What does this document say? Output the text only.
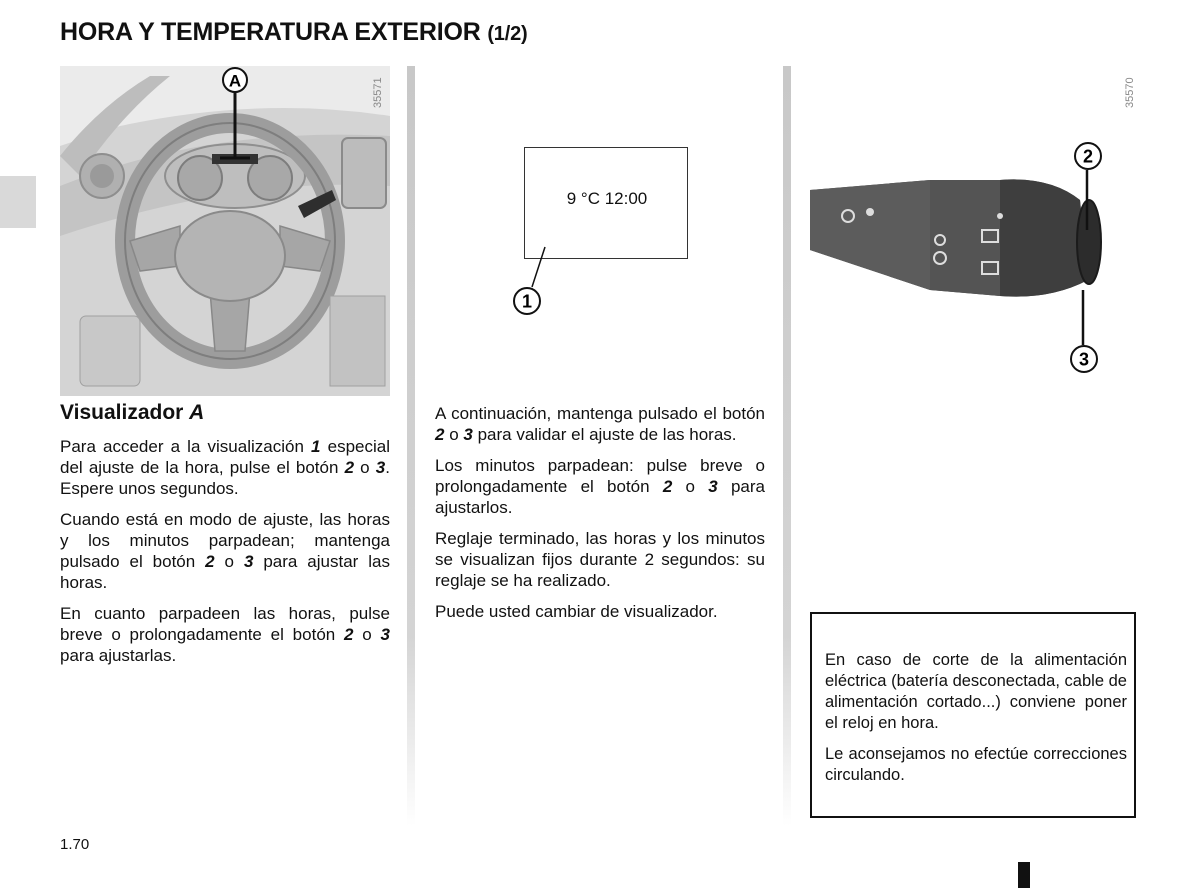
HORA Y TEMPERATURA EXTERIOR (1/2)
A	35571
9 °C 12:00
1
35570
2
3
Visualizador A

Para acceder a la visualización 1 especial del ajuste de la hora, pulse el botón 2 o 3. Espere unos segundos.

Cuando está en modo de ajuste, las horas y los minutos parpadean; mantenga pulsado el botón 2 o 3 para ajustar las horas.

En cuanto parpadeen las horas, pulse breve o prolongadamente el botón 2 o 3 para ajustarlas.

A continuación, mantenga pulsado el botón 2 o 3 para validar el ajuste de las horas.

Los minutos parpadean: pulse breve o prolongadamente el botón 2 o 3 para ajustarlos.

Reglaje terminado, las horas y los minutos se visualizan fijos durante 2 segundos: su reglaje se ha realizado.

Puede usted cambiar de visualizador.

En caso de corte de la alimentación eléctrica (batería desconectada, cable de alimentación cortado...) conviene poner el reloj en hora.

Le aconsejamos no efectúe correcciones circulando.

1.70
